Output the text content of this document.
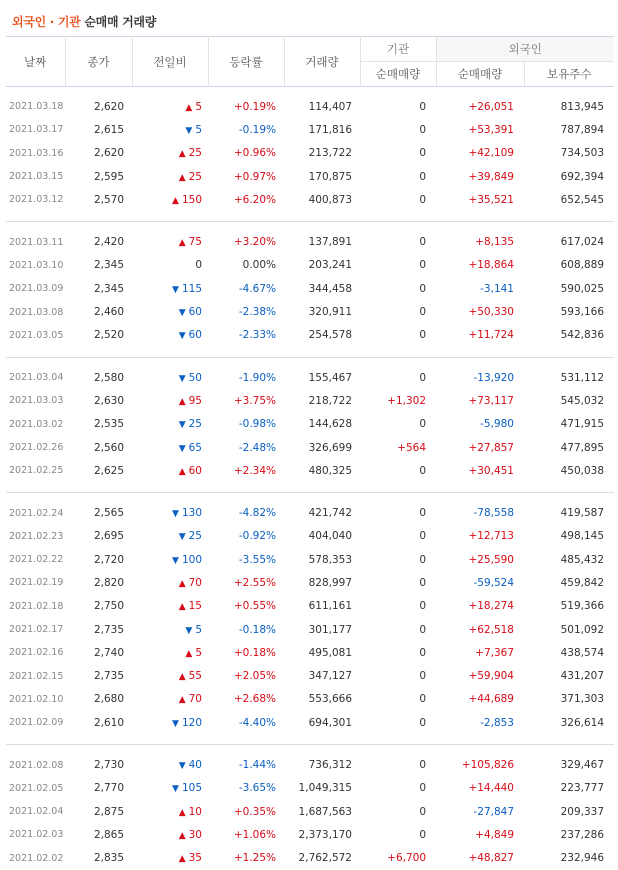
외국인 · 기관 순매매 거래량
날짜	종가	전일비	등락률	거래량	기관	외국인	
					순매매량	순매매량	보유주수

2021.03.18	2,620	▲ 5	+0.19%	114,407	0	+26,051	813,945
2021.03.17	2,615	▼ 5	-0.19%	171,816	0	+53,391	787,894
2021.03.16	2,620	▲ 25	+0.96%	213,722	0	+42,109	734,503
2021.03.15	2,595	▲ 25	+0.97%	170,875	0	+39,849	692,394
2021.03.12	2,570	▲ 150	+6.20%	400,873	0	+35,521	652,545

2021.03.11	2,420	▲ 75	+3.20%	137,891	0	+8,135	617,024
2021.03.10	2,345	0	0.00%	203,241	0	+18,864	608,889
2021.03.09	2,345	▼ 115	-4.67%	344,458	0	-3,141	590,025
2021.03.08	2,460	▼ 60	-2.38%	320,911	0	+50,330	593,166
2021.03.05	2,520	▼ 60	-2.33%	254,578	0	+11,724	542,836

2021.03.04	2,580	▼ 50	-1.90%	155,467	0	-13,920	531,112
2021.03.03	2,630	▲ 95	+3.75%	218,722	+1,302	+73,117	545,032
2021.03.02	2,535	▼ 25	-0.98%	144,628	0	-5,980	471,915
2021.02.26	2,560	▼ 65	-2.48%	326,699	+564	+27,857	477,895
2021.02.25	2,625	▲ 60	+2.34%	480,325	0	+30,451	450,038

2021.02.24	2,565	▼ 130	-4.82%	421,742	0	-78,558	419,587
2021.02.23	2,695	▼ 25	-0.92%	404,040	0	+12,713	498,145
2021.02.22	2,720	▼ 100	-3.55%	578,353	0	+25,590	485,432
2021.02.19	2,820	▲ 70	+2.55%	828,997	0	-59,524	459,842
2021.02.18	2,750	▲ 15	+0.55%	611,161	0	+18,274	519,366
2021.02.17	2,735	▼ 5	-0.18%	301,177	0	+62,518	501,092
2021.02.16	2,740	▲ 5	+0.18%	495,081	0	+7,367	438,574
2021.02.15	2,735	▲ 55	+2.05%	347,127	0	+59,904	431,207
2021.02.10	2,680	▲ 70	+2.68%	553,666	0	+44,689	371,303
2021.02.09	2,610	▼ 120	-4.40%	694,301	0	-2,853	326,614

2021.02.08	2,730	▼ 40	-1.44%	736,312	0	+105,826	329,467
2021.02.05	2,770	▼ 105	-3.65%	1,049,315	0	+14,440	223,777
2021.02.04	2,875	▲ 10	+0.35%	1,687,563	0	-27,847	209,337
2021.02.03	2,865	▲ 30	+1.06%	2,373,170	0	+4,849	237,286
2021.02.02	2,835	▲ 35	+1.25%	2,762,572	+6,700	+48,827	232,946
